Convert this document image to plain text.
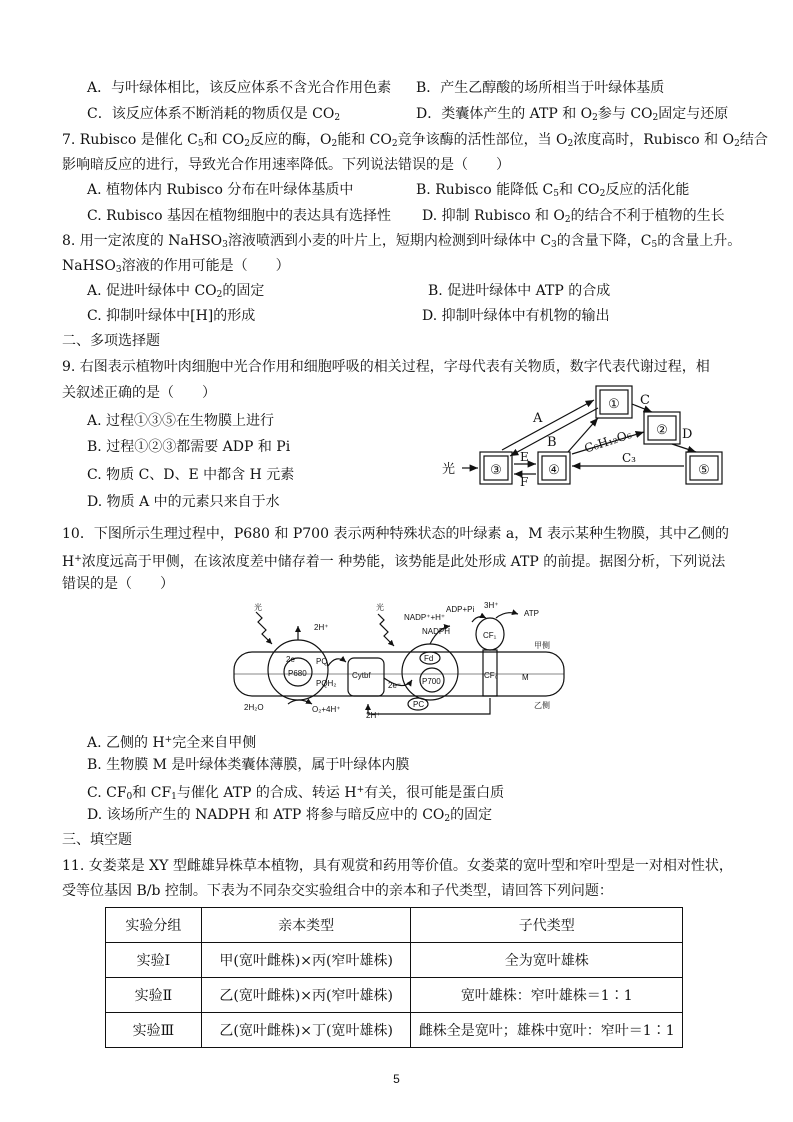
A．与叶绿体相比，该反应体系不含光合作用色素 B．产生乙醇酸的场所相当于叶绿体基质
C．该反应体系不断消耗的物质仅是 $CO_2$	D．类囊体产生的 ATP 和 $O_2$参与 $CO_2$固定与还原
7. Rubisco 是催化 $C_5$和 $CO_2$反应的酶，$O_2$能和 $CO_2$竞争该酶的活性部位，当 $O_2$浓度高时，Rubisco 和 $O_2$结合
影响暗反应的进行，导致光合作用速率降低。下列说法错误的是（　　）
A. 植物体内 Rubisco 分布在叶绿体基质中	B. Rubisco 能降低 $C_5$和 $CO_2$反应的活化能
C. Rubisco 基因在植物细胞中的表达具有选择性 D. 抑制 Rubisco 和 $O_2$的结合不利于植物的生长
8. 用一定浓度的 NaHSO$_3$溶液喷洒到小麦的叶片上，短期内检测到叶绿体中 $C_3$的含量下降，$C_5$的含量上升。
NaHSO$_3$溶液的作用可能是（　　）
A. 促进叶绿体中 $CO_2$的固定	B. 促进叶绿体中 ATP 的合成
C. 抑制叶绿体中[H]的形成	D. 抑制叶绿体中有机物的输出
二、多项选择题
9. 右图表示植物叶肉细胞中光合作用和细胞呼吸的相关过程，字母代表有关物质，数字代表代谢过程，相
关叙述正确的是（　　）
A. 过程①③⑤在生物膜上进行
B. 过程①②③都需要 ADP 和 Pi
C. 物质 C、D、E 中都含 H 元素
D. 物质 A 中的元素只来自于水
①
②
③	④	⑤
光
A
B
C
D
E
F
C₆H₁₂O₆
C₃
10．下图所示生理过程中，P680 和 P700 表示两种特殊状态的叶绿素 a，M 表示某种生物膜，其中乙侧的
H+浓度远高于甲侧，在该浓度差中储存着一 种势能，该势能是此处形成 ATP 的前提。据图分析，下列说法
错误的是（　　）
光	光
2H⁺
2e⁻
P680
PQ
PQH₂
Cytbf
2e⁻
Fd
P700
PC
NADP⁺+H⁺
NADPH
ADP+Pi 3H⁺
ATP
CF₁
CF₀	M
甲侧
乙侧
2H₂O	O₂+4H⁺
2H⁺
A. 乙侧的 H+完全来自甲侧
B. 生物膜 M 是叶绿体类囊体薄膜，属于叶绿体内膜
C. $CF_0$和 $CF_1$与催化 ATP 的合成、转运 H+有关，很可能是蛋白质
D. 该场所产生的 NADPH 和 ATP 将参与暗反应中的 $CO_2$的固定
三、填空题
11. 女娄菜是 XY 型雌雄异株草本植物，具有观赏和药用等价值。女娄菜的宽叶型和窄叶型是一对相对性状，
受等位基因 B/b 控制。下表为不同杂交实验组合中的亲本和子代类型，请回答下列问题：
实验分组	亲本类型	子代类型
实验Ⅰ	甲(宽叶雌株)×丙(窄叶雄株)	全为宽叶雄株
实验Ⅱ	乙(宽叶雌株)×丙(窄叶雄株)	宽叶雄株：窄叶雄株＝1∶1
实验Ⅲ	乙(宽叶雌株)×丁(宽叶雄株)	雌株全是宽叶；雄株中宽叶：窄叶＝1∶1
5
